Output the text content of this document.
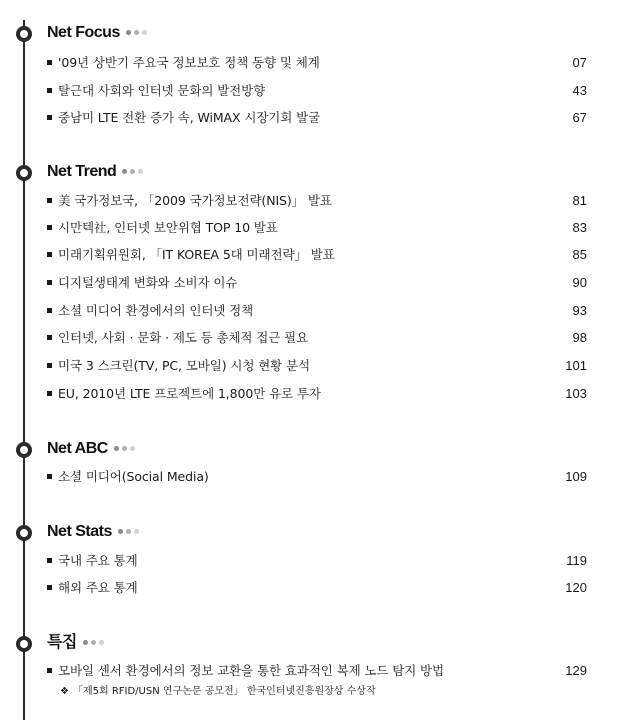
Net Focus
'09년 상반기 주요국 정보보호 정책 동향 및 체계	07
탈근대 사회와 인터넷 문화의 발전방향	43
중남미 LTE 전환 증가 속, WiMAX 시장기회 발굴	67
Net Trend
美 국가정보국, 「2009 국가정보전략(NIS)」 발표	81
시만텍社, 인터넷 보안위협 TOP 10 발표	83
미래기획위원회, 「IT KOREA 5대 미래전략」 발표	85
디지털생태계 변화와 소비자 이슈	90
소셜 미디어 환경에서의 인터넷 정책	93
인터넷, 사회 · 문화 · 제도 등 총체적 접근 필요	98
미국 3 스크린(TV, PC, 모바일) 시청 현황 분석	101
EU, 2010년 LTE 프로젝트에 1,800만 유로 투자	103
Net ABC
소셜 미디어(Social Media)	109
Net Stats
국내 주요 통계	119
해외 주요 통계	120
특집
모바일 센서 환경에서의 정보 교환을 통한 효과적인 복제 노드 탐지 방법	129
❖ 「제5회 RFID/USN 연구논문 공모전」 한국인터넷진흥원장상 수상작
